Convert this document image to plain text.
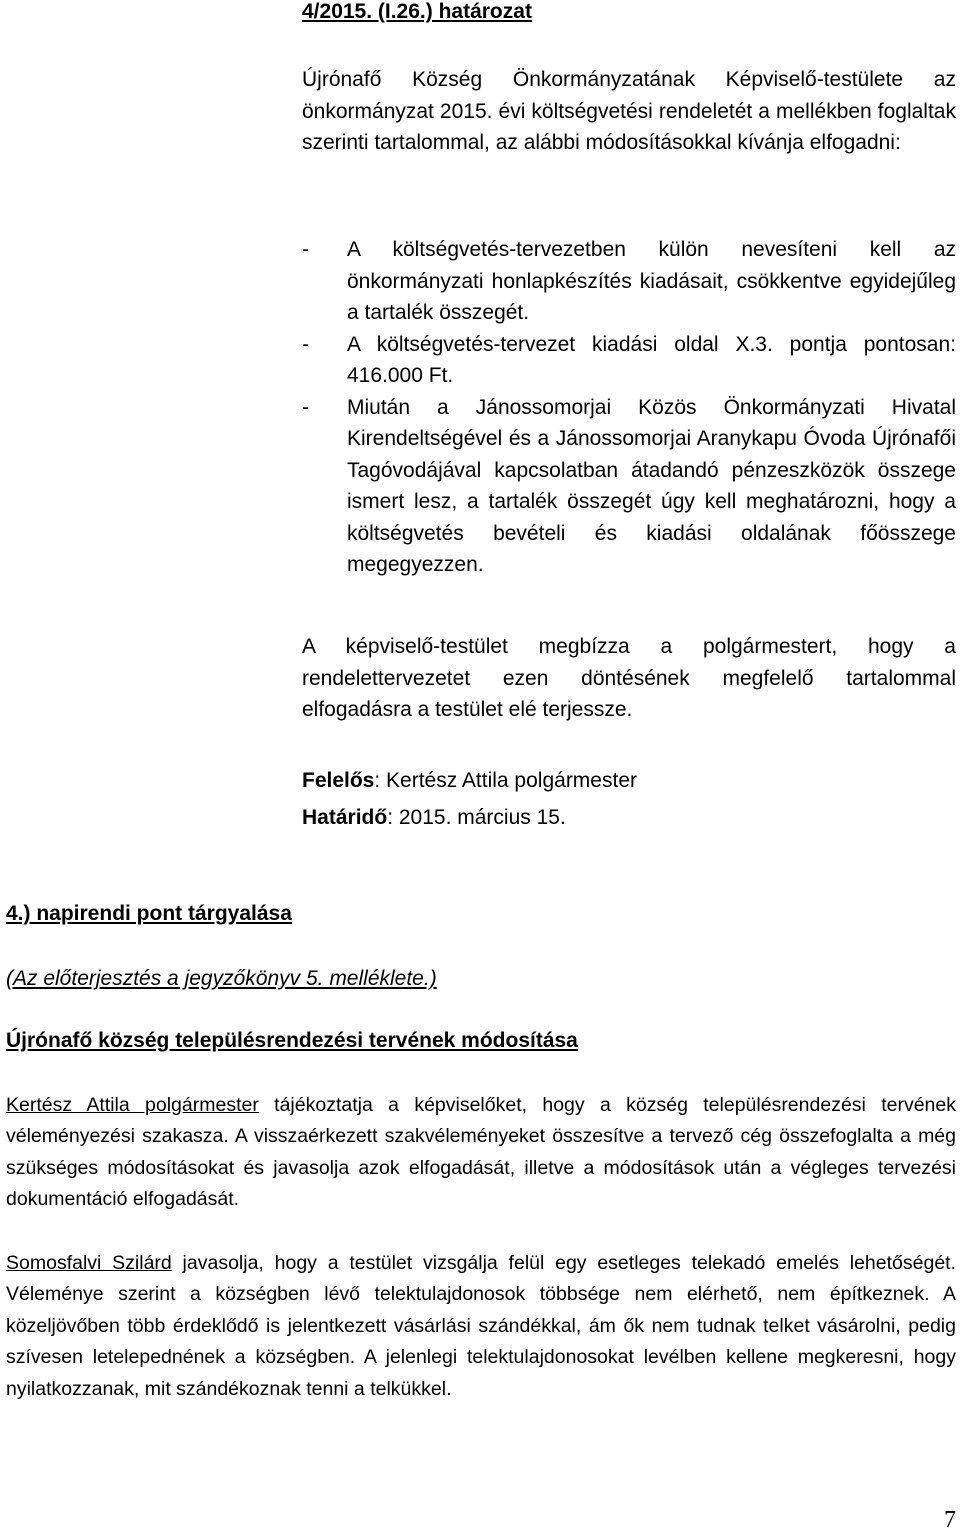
4/2015. (I.26.) határozat
Újrónafő Község Önkormányzatának Képviselő-testülete az önkormányzat 2015. évi költségvetési rendeletét a mellékben foglaltak szerinti tartalommal, az alábbi módosításokkal kívánja elfogadni:
- A költségvetés-tervezetben külön nevesíteni kell az önkormányzati honlapkészítés kiadásait, csökkentve egyidejűleg a tartalék összegét.
- A költségvetés-tervezet kiadási oldal X.3. pontja pontosan: 416.000 Ft.
- Miután a Jánossomorjai Közös Önkormányzati Hivatal Kirendeltségével és a Jánossomorjai Aranykapu Óvoda Újrónafői Tagóvodájával kapcsolatban átadandó pénzeszközök összege ismert lesz, a tartalék összegét úgy kell meghatározni, hogy a költségvetés bevételi és kiadási oldalának főösszege megegyezzen.
A képviselő-testület megbízza a polgármestert, hogy a rendelettervezetet ezen döntésének megfelelő tartalommal elfogadásra a testület elé terjessze.
Felelős: Kertész Attila polgármester
Határidő: 2015. március 15.
4.) napirendi pont tárgyalása
(Az előterjesztés a jegyzőkönyv 5. melléklete.)
Újrónafő község településrendezési tervének módosítása
Kertész Attila polgármester tájékoztatja a képviselőket, hogy a község településrendezési tervének véleményezési szakasza. A visszaérkezett szakvéleményeket összesítve a tervező cég összefoglalta a még szükséges módosításokat és javasolja azok elfogadását, illetve a módosítások után a végleges tervezési dokumentáció elfogadását.
Somosfalvi Szilárd javasolja, hogy a testület vizsgálja felül egy esetleges telekadó emelés lehetőségét. Véleménye szerint a községben lévő telektulajdonosok többsége nem elérhető, nem építkeznek. A közeljövőben több érdeklődő is jelentkezett vásárlási szándékkal, ám ők nem tudnak telket vásárolni, pedig szívesen letelepednének a községben. A jelenlegi telektulajdonosokat levélben kellene megkeresni, hogy nyilatkozzanak, mit szándékoznak tenni a telkükkel.
7
